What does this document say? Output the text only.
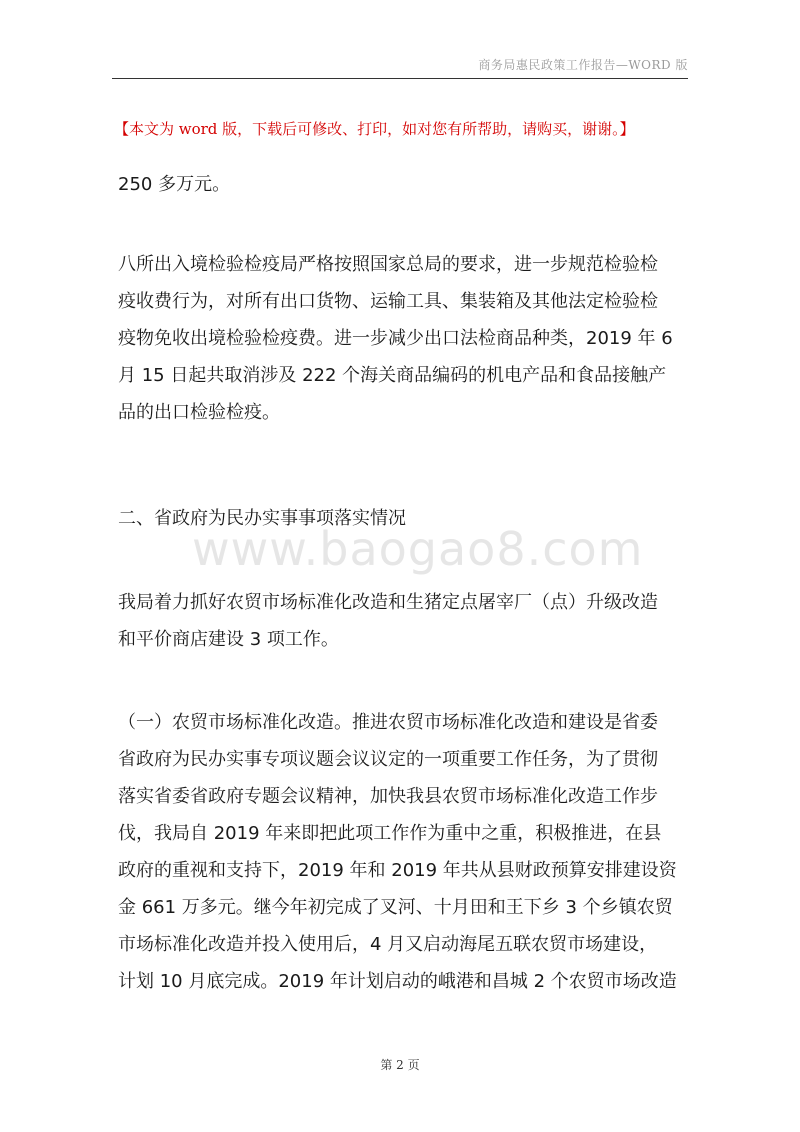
商务局惠民政策工作报告—WORD 版
【本文为 word 版，下载后可修改、打印，如对您有所帮助，请购买，谢谢。】

250 多万元。

八所出入境检验检疫局严格按照国家总局的要求，进一步规范检验检

疫收费行为，对所有出口货物、运输工具、集装箱及其他法定检验检

疫物免收出境检验检疫费。进一步减少出口法检商品种类，2019 年 6

月 15 日起共取消涉及 222 个海关商品编码的机电产品和食品接触产

品的出口检验检疫。

二、省政府为民办实事事项落实情况

www.baogao8.com

我局着力抓好农贸市场标准化改造和生猪定点屠宰厂（点）升级改造

和平价商店建设 3 项工作。

（一）农贸市场标准化改造。推进农贸市场标准化改造和建设是省委

省政府为民办实事专项议题会议议定的一项重要工作任务，为了贯彻

落实省委省政府专题会议精神，加快我县农贸市场标准化改造工作步

伐，我局自 2019 年来即把此项工作作为重中之重，积极推进，在县

政府的重视和支持下，2019 年和 2019 年共从县财政预算安排建设资

金 661 万多元。继今年初完成了叉河、十月田和王下乡 3 个乡镇农贸

市场标准化改造并投入使用后，4 月又启动海尾五联农贸市场建设，

计划 10 月底完成。2019 年计划启动的峨港和昌城 2 个农贸市场改造

第 2 页
